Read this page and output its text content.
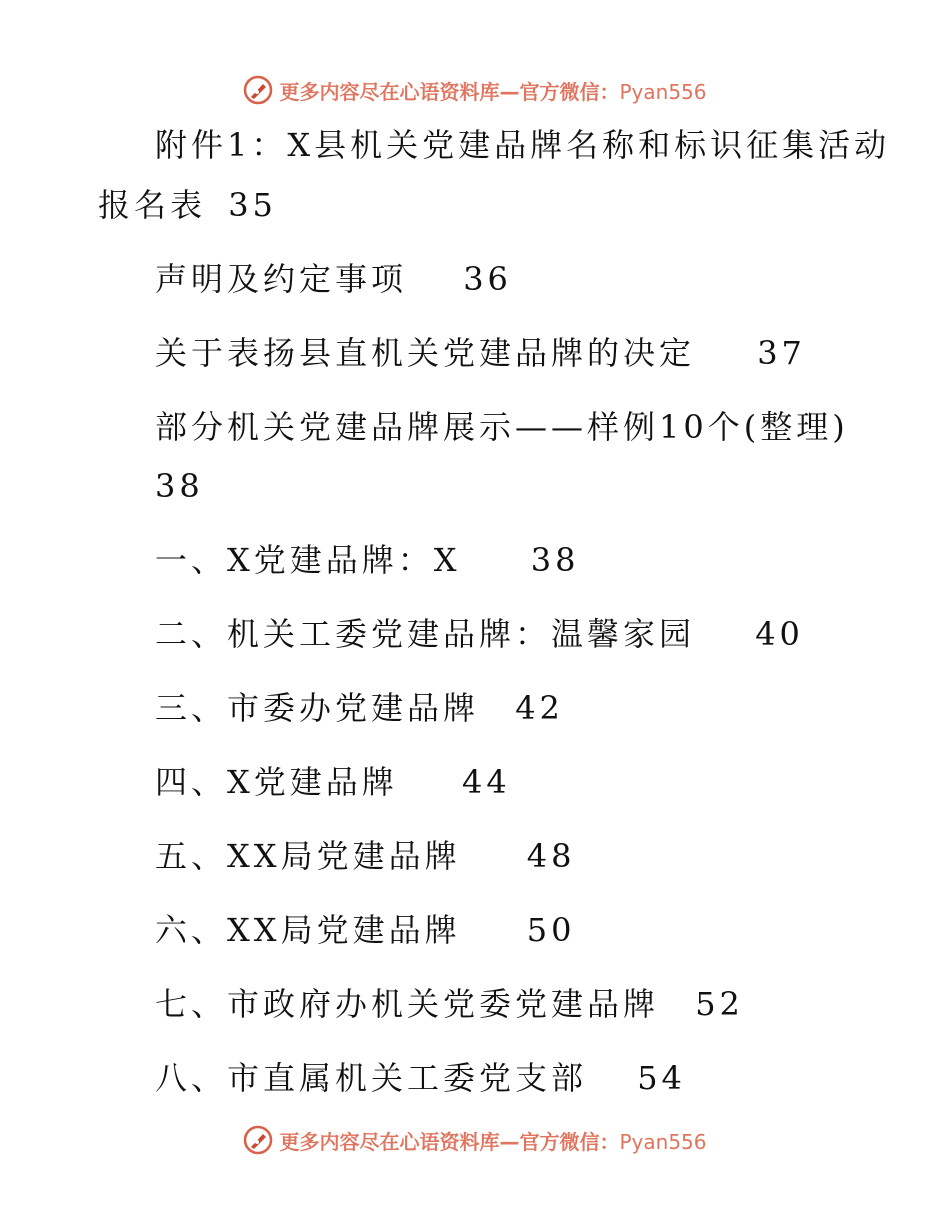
更多内容尽在心语资料库—官方微信：Pyan556
附件1：X县机关党建品牌名称和标识征集活动
报名表 35
声明及约定事项 36
关于表扬县直机关党建品牌的决定 37
部分机关党建品牌展示——样例10个(整理)
38
一、X党建品牌：X 38
二、机关工委党建品牌：温馨家园 40
三、市委办党建品牌 42
四、X党建品牌 44
五、XX局党建品牌 48
六、XX局党建品牌 50
七、市政府办机关党委党建品牌 52
八、市直属机关工委党支部 54
更多内容尽在心语资料库—官方微信：Pyan556
